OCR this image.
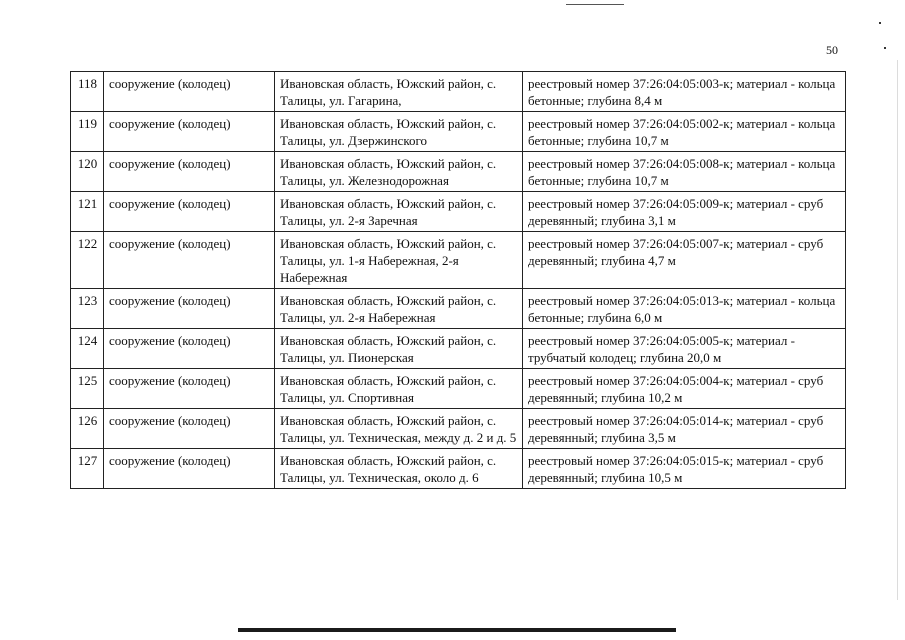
50
118	сооружение (колодец)	Ивановская область, Южский район, с. Талицы, ул. Гагарина,	реестровый номер 37:26:04:05:003-к; материал - кольца бетонные; глубина 8,4 м
119	сооружение (колодец)	Ивановская область, Южский район, с. Талицы, ул. Дзержинского	реестровый номер 37:26:04:05:002-к; материал - кольца бетонные; глубина 10,7 м
120	сооружение (колодец)	Ивановская область, Южский район, с. Талицы, ул. Железнодорожная	реестровый номер 37:26:04:05:008-к; материал - кольца бетонные; глубина 10,7 м
121	сооружение (колодец)	Ивановская область, Южский район, с. Талицы, ул. 2-я Заречная	реестровый номер 37:26:04:05:009-к; материал - сруб деревянный; глубина 3,1 м
122	сооружение (колодец)	Ивановская область, Южский район, с. Талицы, ул. 1-я Набережная, 2-я Набережная	реестровый номер 37:26:04:05:007-к; материал - сруб деревянный; глубина 4,7 м
123	сооружение (колодец)	Ивановская область, Южский район, с. Талицы, ул. 2-я Набережная	реестровый номер 37:26:04:05:013-к; материал - кольца бетонные; глубина 6,0 м
124	сооружение (колодец)	Ивановская область, Южский район, с. Талицы, ул. Пионерская	реестровый номер 37:26:04:05:005-к; материал - трубчатый колодец; глубина 20,0 м
125	сооружение (колодец)	Ивановская область, Южский район, с. Талицы, ул. Спортивная	реестровый номер 37:26:04:05:004-к; материал - сруб деревянный; глубина 10,2 м
126	сооружение (колодец)	Ивановская область, Южский район, с. Талицы, ул. Техническая, между д. 2 и д. 5	реестровый номер 37:26:04:05:014-к; материал - сруб деревянный; глубина 3,5 м
127	сооружение (колодец)	Ивановская область, Южский район, с. Талицы, ул. Техническая, около д. 6	реестровый номер 37:26:04:05:015-к; материал - сруб деревянный; глубина 10,5 м
